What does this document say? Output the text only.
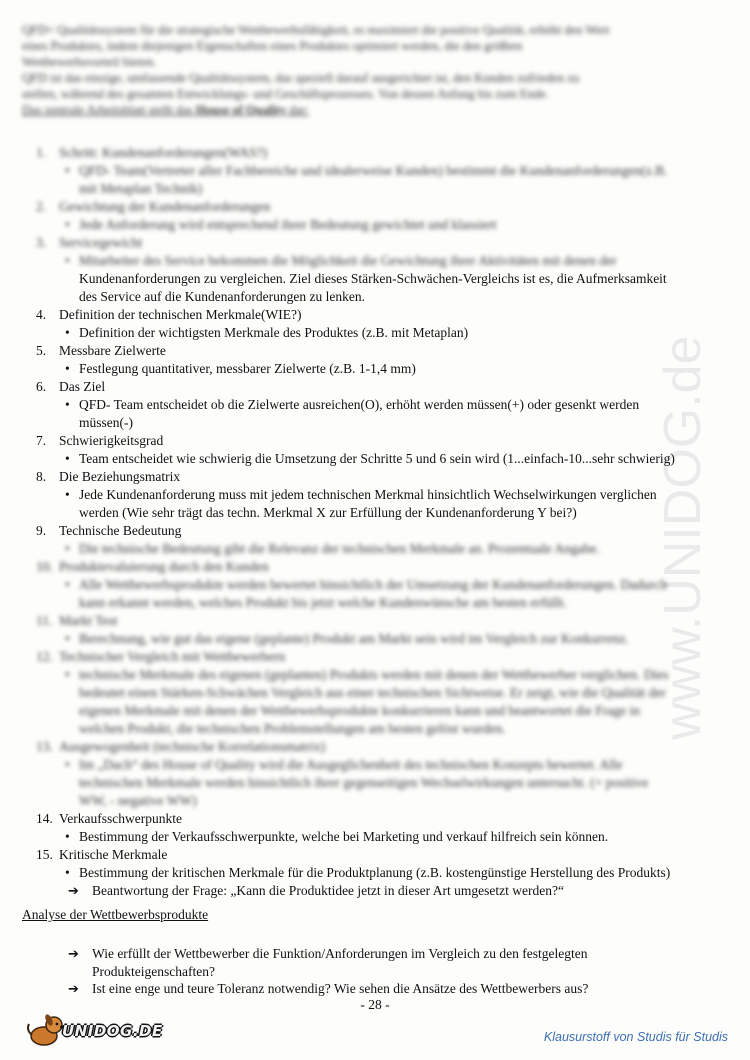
www.UNIDOG.de

QFD= Qualitätssystem für die strategische Wettbewerbsfähigkeit, es maximiert die positive Qualität, erhöht den Wert

eines Produktes, indem diejenigen Eigenschaften eines Produktes optimiert werden, die den größten

Wettbewerbsvorteil bieten.

QFD ist das einzige, umfassende Qualitätssystem, das speziell darauf ausgerichtet ist, den Kunden zufrieden zu

stellen, während des gesamten Entwicklungs- und Geschäftsprozesses. Von dessen Anfang bis zum Ende.

Das zentrale Arbeitsblatt stellt das House of Quality dar:

1. Schritt: Kundenanforderungen(WAS?)
• QFD- Team(Vertreter aller Fachbereiche und idealerweise Kunden) bestimmt die Kundenanforderungen(z.B.
mit Metaplan Technik)
2. Gewichtung der Kundenanforderungen
• Jede Anforderung wird entsprechend ihrer Bedeutung gewichtet und klassiert
3. Servicegewicht
• Mitarbeiter des Service bekommen die Möglichkeit die Gewichtung ihrer Aktivitäten mit denen der
Kundenanforderungen zu vergleichen. Ziel dieses Stärken-Schwächen-Vergleichs ist es, die Aufmerksamkeit
des Service auf die Kundenanforderungen zu lenken.
4. Definition der technischen Merkmale(WIE?)
• Definition der wichtigsten Merkmale des Produktes (z.B. mit Metaplan)
5. Messbare Zielwerte
• Festlegung quantitativer, messbarer Zielwerte (z.B. 1-1,4 mm)
6. Das Ziel
• QFD- Team entscheidet ob die Zielwerte ausreichen(O), erhöht werden müssen(+) oder gesenkt werden
müssen(-)
7. Schwierigkeitsgrad
• Team entscheidet wie schwierig die Umsetzung der Schritte 5 und 6 sein wird (1...einfach-10...sehr schwierig)
8. Die Beziehungsmatrix
• Jede Kundenanforderung muss mit jedem technischen Merkmal hinsichtlich Wechselwirkungen verglichen
werden (Wie sehr trägt das techn. Merkmal X zur Erfüllung der Kundenanforderung Y bei?)
9. Technische Bedeutung
• Die technische Bedeutung gibt die Relevanz der technischen Merkmale an. Prozentuale Angabe.
10. Produktevaluierung durch den Kunden
• Alle Wettbewerbsprodukte werden bewertet hinsichtlich der Umsetzung der Kundenanforderungen. Dadurch
kann erkannt werden, welches Produkt bis jetzt welche Kundenwünsche am besten erfüllt.
11. Markt Test
• Berechnung, wie gut das eigene (geplante) Produkt am Markt sein wird im Vergleich zur Konkurrenz.
12. Technischer Vergleich mit Wettbewerbern
• technische Merkmale des eigenen (geplanten) Produkts werden mit denen der Wettbewerber verglichen. Dies
bedeutet einen Stärken-Schwächen Vergleich aus einer technischen Sichtweise. Er zeigt, wie die Qualität der
eigenen Merkmale mit denen der Wettbewerbsprodukte konkurrieren kann und beantwortet die Frage in
welchen Produkt, die technischen Problemstellungen am besten gelöst wurden.
13. Ausgewogenheit (technische Korrelationsmatrix)
• Im „Dach“ des House of Quality wird die Ausgeglichenheit des technischen Konzepts bewertet. Alle
technischen Merkmale werden hinsichtlich ihrer gegenseitigen Wechselwirkungen untersucht. (+ positive
WW, - negative WW)
14. Verkaufsschwerpunkte
• Bestimmung der Verkaufsschwerpunkte, welche bei Marketing und verkauf hilfreich sein können.
15. Kritische Merkmale
• Bestimmung der kritischen Merkmale für die Produktplanung (z.B. kostengünstige Herstellung des Produkts)
➔ Beantwortung der Frage: „Kann die Produktidee jetzt in dieser Art umgesetzt werden?“
Analyse der Wettbewerbsprodukte
➔ Wie erfüllt der Wettbewerber die Funktion/Anforderungen im Vergleich zu den festgelegten
Produkteigenschaften?
➔ Ist eine enge und teure Toleranz notwendig? Wie sehen die Ansätze des Wettbewerbers aus?
- 28 -
UNIDOG.DE	Klausurstoff von Studis für Studis
